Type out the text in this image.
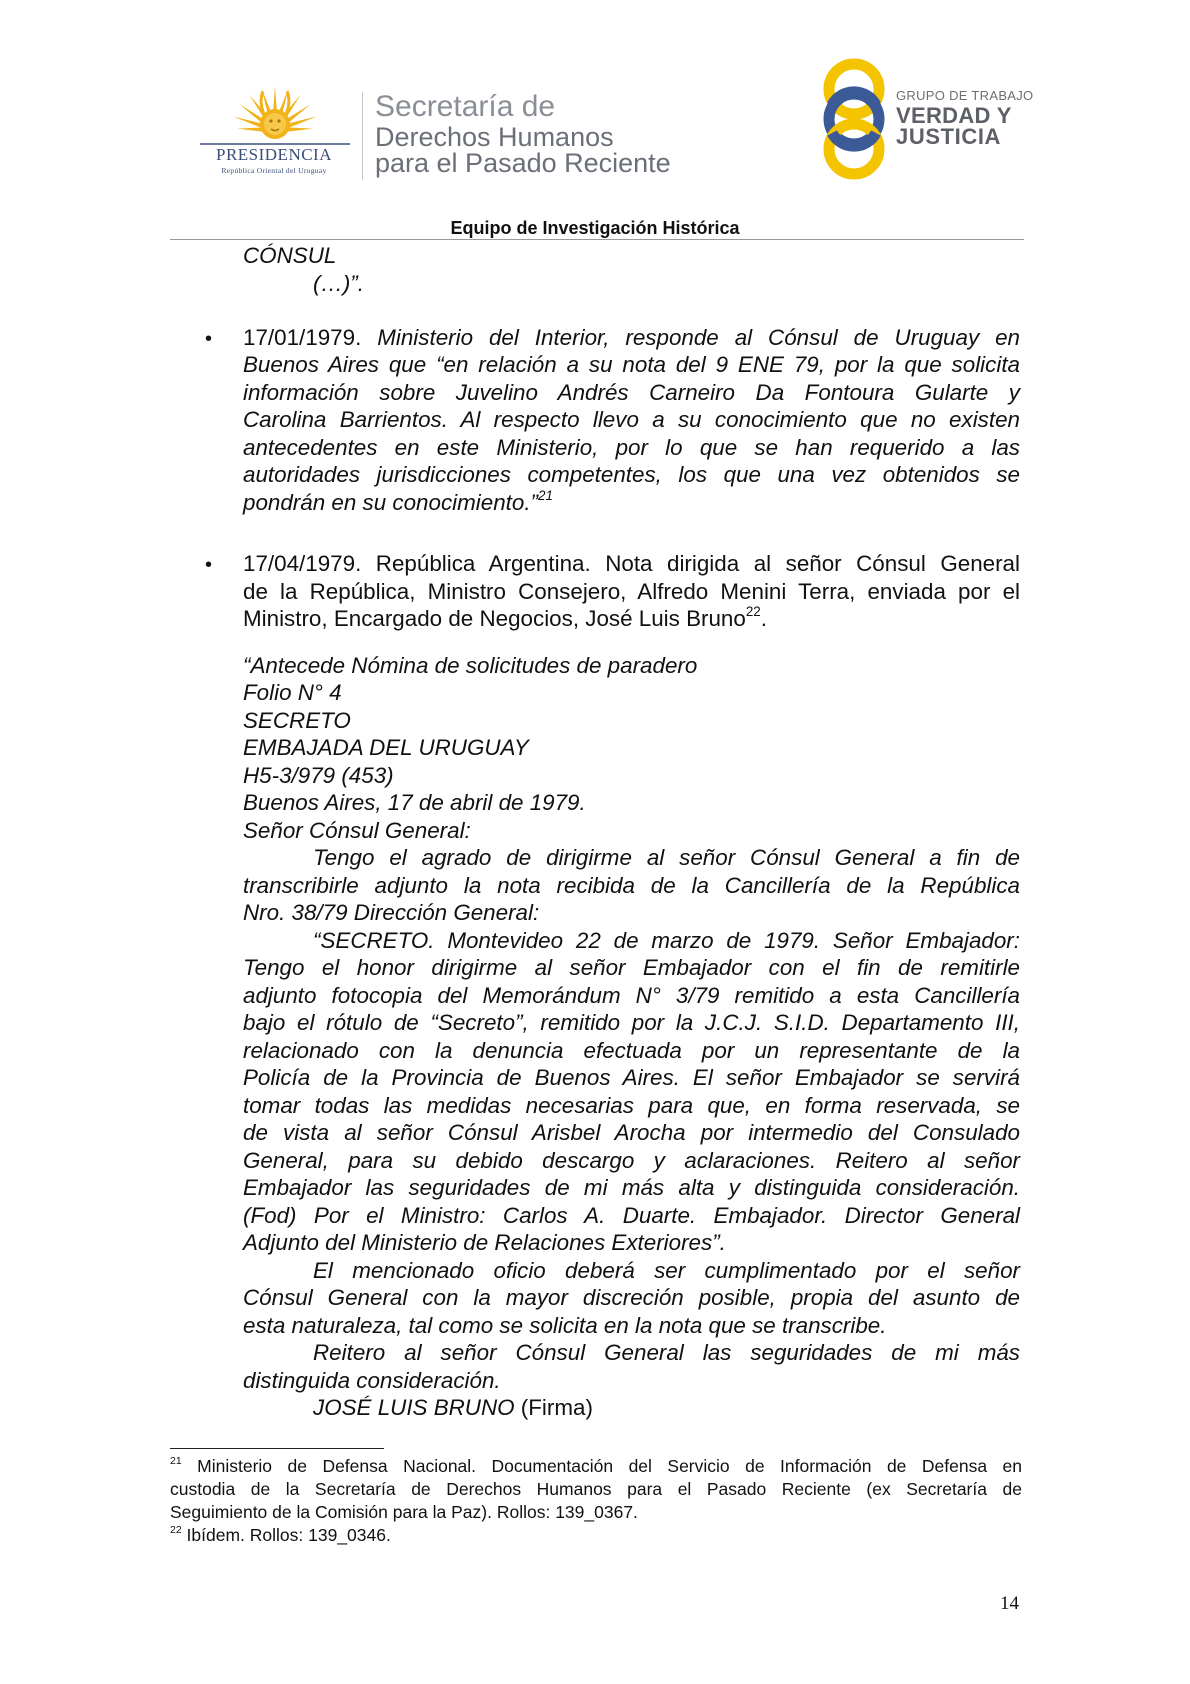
PRESIDENCIA
República Oriental del Uruguay
Secretaría de
Derechos Humanos
para el Pasado Reciente
GRUPO DE TRABAJO
VERDAD Y
JUSTICIA
Equipo de Investigación Histórica
CÓNSUL
(…)”.
• 17/01/1979. Ministerio del Interior, responde al Cónsul de Uruguay en
Buenos Aires que “en relación a su nota del 9 ENE 79, por la que solicita
información sobre Juvelino Andrés Carneiro Da Fontoura Gularte y
Carolina Barrientos. Al respecto llevo a su conocimiento que no existen
antecedentes en este Ministerio, por lo que se han requerido a las
autoridades jurisdicciones competentes, los que una vez obtenidos se
pondrán en su conocimiento.”$^{21}$
• 17/04/1979. República Argentina. Nota dirigida al señor Cónsul General
de la República, Ministro Consejero, Alfredo Menini Terra, enviada por el
Ministro, Encargado de Negocios, José Luis Bruno$^{22}$.
“Antecede Nómina de solicitudes de paradero
Folio N° 4
SECRETO
EMBAJADA DEL URUGUAY
H5-3/979 (453)
Buenos Aires, 17 de abril de 1979.
Señor Cónsul General:
Tengo el agrado de dirigirme al señor Cónsul General a fin de
transcribirle adjunto la nota recibida de la Cancillería de la República
Nro. 38/79 Dirección General:
“SECRETO. Montevideo 22 de marzo de 1979. Señor Embajador:
Tengo el honor dirigirme al señor Embajador con el fin de remitirle
adjunto fotocopia del Memorándum N° 3/79 remitido a esta Cancillería
bajo el rótulo de “Secreto”, remitido por la J.C.J. S.I.D. Departamento III,
relacionado con la denuncia efectuada por un representante de la
Policía de la Provincia de Buenos Aires. El señor Embajador se servirá
tomar todas las medidas necesarias para que, en forma reservada, se
de vista al señor Cónsul Arisbel Arocha por intermedio del Consulado
General, para su debido descargo y aclaraciones. Reitero al señor
Embajador las seguridades de mi más alta y distinguida consideración.
(Fod) Por el Ministro: Carlos A. Duarte. Embajador. Director General
Adjunto del Ministerio de Relaciones Exteriores”.
El mencionado oficio deberá ser cumplimentado por el señor
Cónsul General con la mayor discreción posible, propia del asunto de
esta naturaleza, tal como se solicita en la nota que se transcribe.
Reitero al señor Cónsul General las seguridades de mi más
distinguida consideración.
JOSÉ LUIS BRUNO (Firma)
$^{21}$ Ministerio de Defensa Nacional. Documentación del Servicio de Información de Defensa en
custodia de la Secretaría de Derechos Humanos para el Pasado Reciente (ex Secretaría de
Seguimiento de la Comisión para la Paz). Rollos: 139_0367.
$^{22}$ Ibídem. Rollos: 139_0346.
14
